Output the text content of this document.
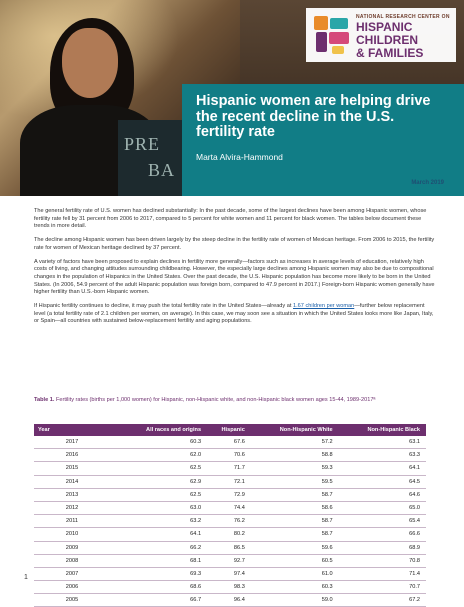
PRE
BA
NATIONAL RESEARCH CENTER ON
HISPANIC
CHILDREN
& FAMILIES
Hispanic women are helping drive the recent decline in the U.S. fertility rate
Marta Alvira-Hammond
March 2019

The general fertility rate of U.S. women has declined substantially: In the past decade, some of the largest declines have been among Hispanic women, whose fertility rate fell by 31 percent from 2006 to 2017, compared to 5 percent for white women and 11 percent for black women. The tables below document these trends in more detail.

The decline among Hispanic women has been driven largely by the steep decline in the fertility rate of women of Mexican heritage. From 2006 to 2015, the fertility rate for women of Mexican heritage declined by 37 percent.

A variety of factors have been proposed to explain declines in fertility more generally—factors such as increases in average levels of education, relatively high costs of living, and changing attitudes surrounding childbearing. However, the especially large declines among Hispanic women may also be due to compositional changes in the population of Hispanics in the United States. Over the past decade, the U.S. Hispanic population has become more likely to be born in the United States. (In 2006, 54.9 percent of the adult Hispanic population was foreign born, compared to 47.9 percent in 2017.) Foreign-born Hispanic women generally have higher fertility than U.S.-born Hispanic women.

If Hispanic fertility continues to decline, it may push the total fertility rate in the United States—already at 1.67 children per woman—further below replacement level (a total fertility rate of 2.1 children per women, on average). In this case, we may soon see a situation in which the United States looks more like Japan, Italy, or Spain—all countries with sustained below-replacement fertility and aging populations.

Table 1. Fertility rates (births per 1,000 women) for Hispanic, non-Hispanic white, and non-Hispanic black women ages 15-44, 1989-2017ª
Year	All races and origins	Hispanic	Non-Hispanic White	Non-Hispanic Black
2017	60.3	67.6	57.2	63.1
2016	62.0	70.6	58.8	63.3
2015	62.5	71.7	59.3	64.1
2014	62.9	72.1	59.5	64.5
2013	62.5	72.9	58.7	64.6
2012	63.0	74.4	58.6	65.0
2011	63.2	76.2	58.7	65.4
2010	64.1	80.2	58.7	66.6
2009	66.2	86.5	59.6	68.9
2008	68.1	92.7	60.5	70.8
2007	69.3	97.4	61.0	71.4
2006	68.6	98.3	60.3	70.7
2005	66.7	96.4	59.0	67.2
1
